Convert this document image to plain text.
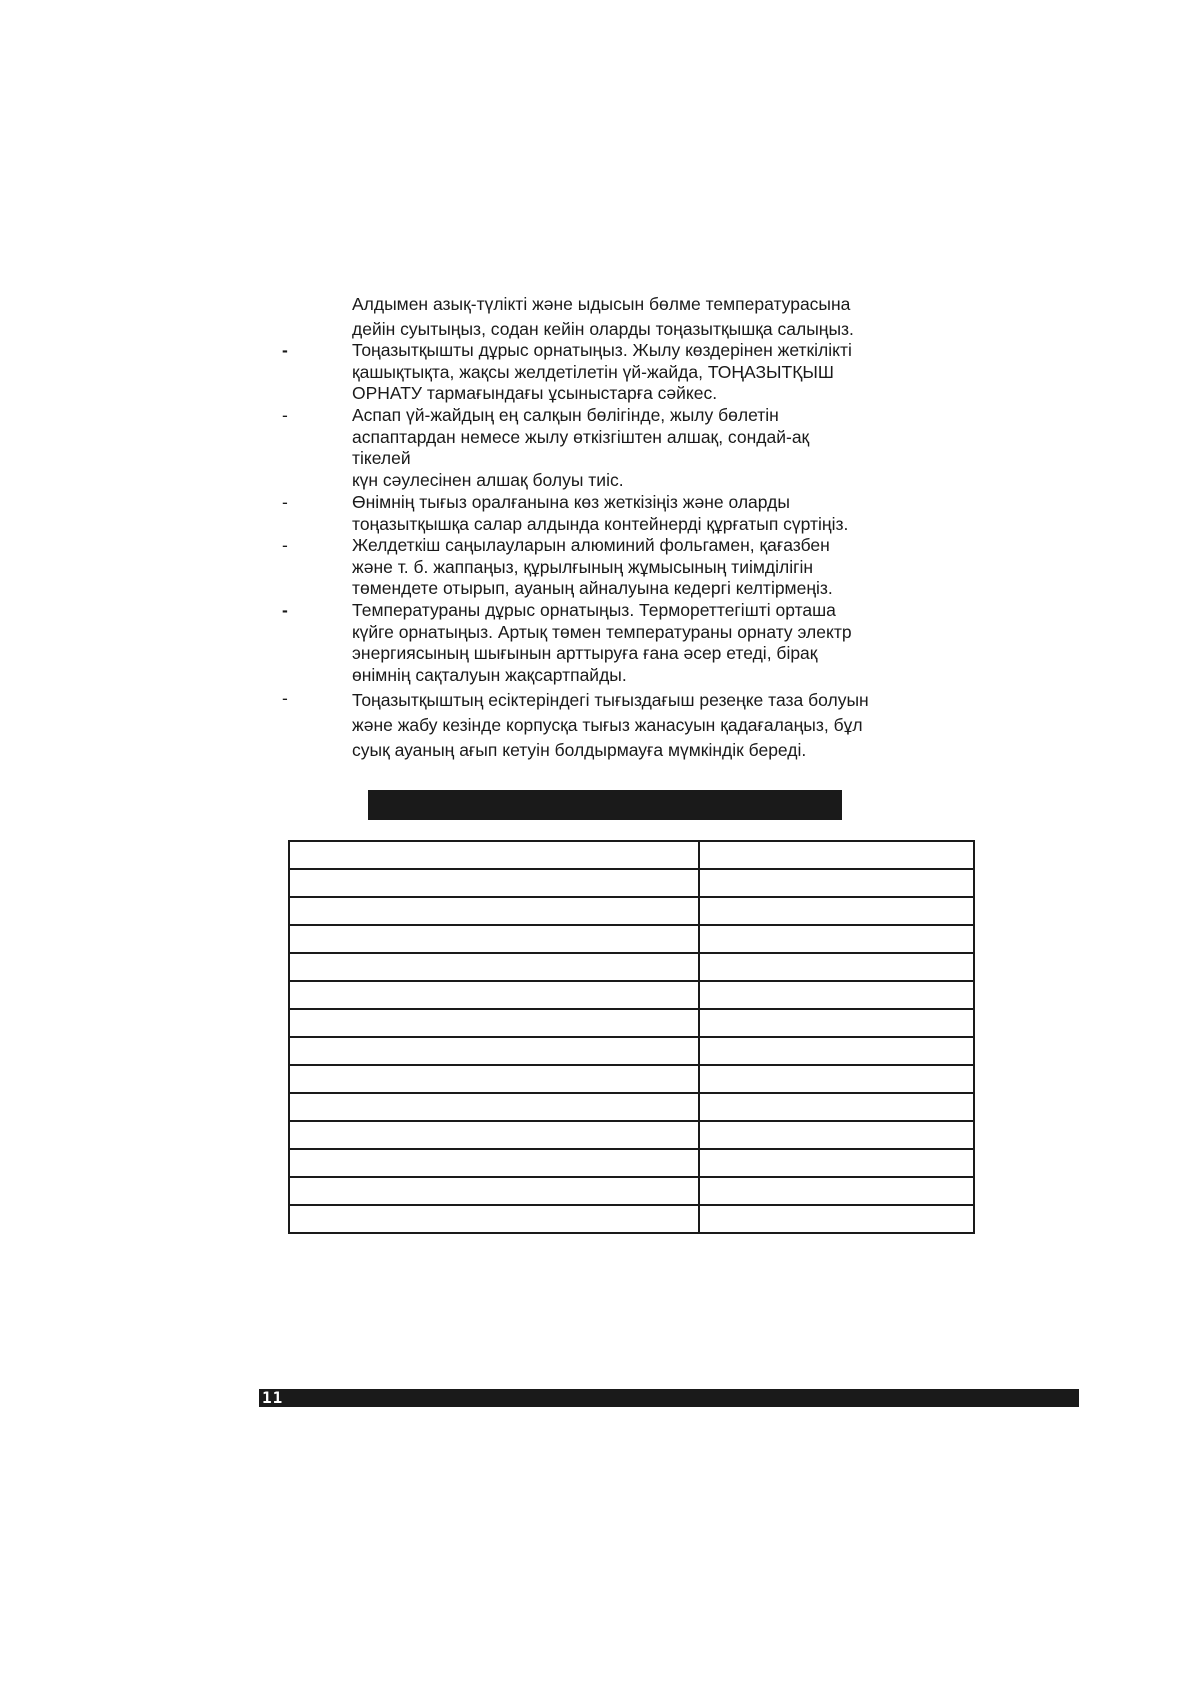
Алдымен азық-түлікті және ыдысын бөлме температурасына
дейін суытыңыз, содан кейін оларды тоңазытқышқа салыңыз.
-	Тоңазытқышты дұрыс орнатыңыз. Жылу көздерінен жеткілікті
қашықтықта, жақсы желдетілетін үй-жайда, ТОҢАЗЫТҚЫШ
ОРНАТУ тармағындағы ұсыныстарға сәйкес.
-	Аспап үй-жайдың ең салқын бөлігінде, жылу бөлетін
аспаптардан немесе жылу өткізгіштен алшақ, сондай-ақ
тікелей
күн сәулесінен алшақ болуы тиіс.
-	Өнімнің тығыз оралғанына көз жеткізіңіз және оларды
тоңазытқышқа салар алдында контейнерді құрғатып сүртіңіз.
-	Желдеткіш саңылауларын алюминий фольгамен, қағазбен
және т. б. жаппаңыз, құрылғының жұмысының тиімділігін
төмендете отырып, ауаның айналуына кедергі келтірмеңіз.
-	Температураны дұрыс орнатыңыз. Термореттегішті орташа
күйге орнатыңыз. Артық төмен температураны орнату электр
энергиясының шығынын арттыруға ғана әсер етеді, бірақ
өнімнің сақталуын жақсартпайды.
-	Тоңазытқыштың есіктеріндегі тығыздағыш резеңке таза болуын
және жабу кезінде корпусқа тығыз жанасуын қадағалаңыз, бұл
суық ауаның ағып кетуін болдырмауға мүмкіндік береді.

11
